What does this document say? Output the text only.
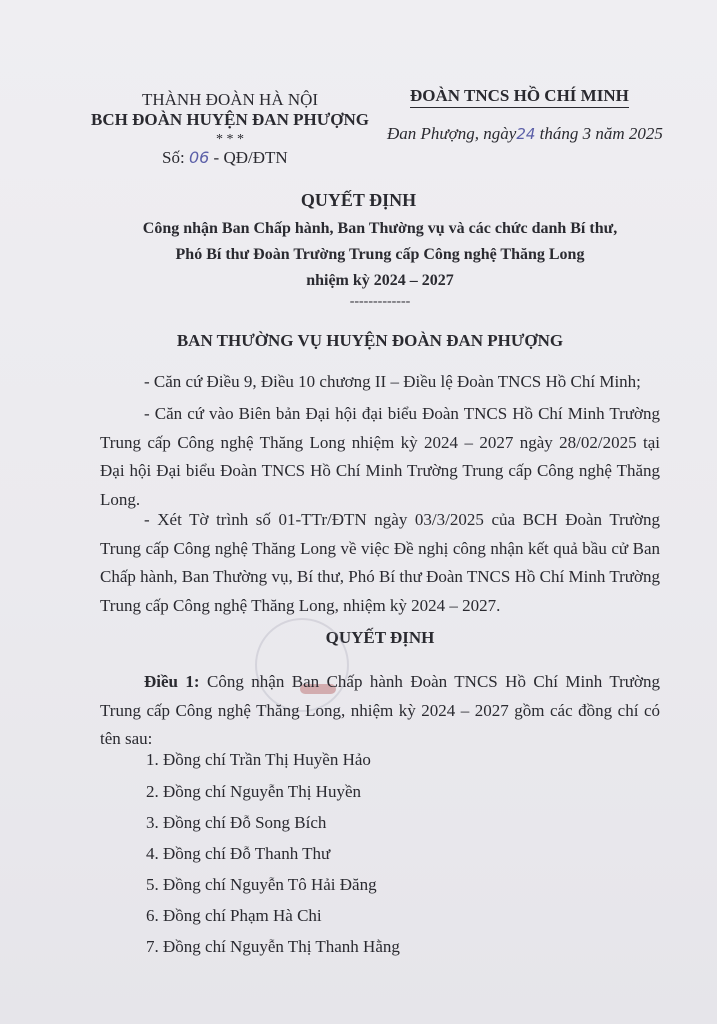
THÀNH ĐOÀN HÀ NỘI
BCH ĐOÀN HUYỆN ĐAN PHƯỢNG
* * *
Số: 06 - QĐ/ĐTN
ĐOÀN TNCS HỒ CHÍ MINH
Đan Phượng, ngày24 tháng 3 năm 2025
QUYẾT ĐỊNH
Công nhận Ban Chấp hành, Ban Thường vụ và các chức danh Bí thư,
Phó Bí thư Đoàn Trường Trung cấp Công nghệ Thăng Long
nhiệm kỳ 2024 – 2027
-------------
BAN THƯỜNG VỤ HUYỆN ĐOÀN ĐAN PHƯỢNG
- Căn cứ Điều 9, Điều 10 chương II – Điều lệ Đoàn TNCS Hồ Chí Minh;
- Căn cứ vào Biên bản Đại hội đại biểu Đoàn TNCS Hồ Chí Minh Trường Trung cấp Công nghệ Thăng Long nhiệm kỳ 2024 – 2027 ngày 28/02/2025 tại Đại hội Đại biểu Đoàn TNCS Hồ Chí Minh Trường Trung cấp Công nghệ Thăng Long.
- Xét Tờ trình số 01-TTr/ĐTN ngày 03/3/2025 của BCH Đoàn Trường Trung cấp Công nghệ Thăng Long về việc Đề nghị công nhận kết quả bầu cử Ban Chấp hành, Ban Thường vụ, Bí thư, Phó Bí thư Đoàn TNCS Hồ Chí Minh Trường Trung cấp Công nghệ Thăng Long, nhiệm kỳ 2024 – 2027.
QUYẾT ĐỊNH
Điều 1: Công nhận Ban Chấp hành Đoàn TNCS Hồ Chí Minh Trường Trung cấp Công nghệ Thăng Long, nhiệm kỳ 2024 – 2027 gồm các đồng chí có tên sau:
1. Đồng chí Trần Thị Huyền Hảo
2. Đồng chí Nguyễn Thị Huyền
3. Đồng chí Đỗ Song Bích
4. Đồng chí Đỗ Thanh Thư
5. Đồng chí Nguyễn Tô Hải Đăng
6. Đồng chí Phạm Hà Chi
7. Đồng chí Nguyễn Thị Thanh Hằng
